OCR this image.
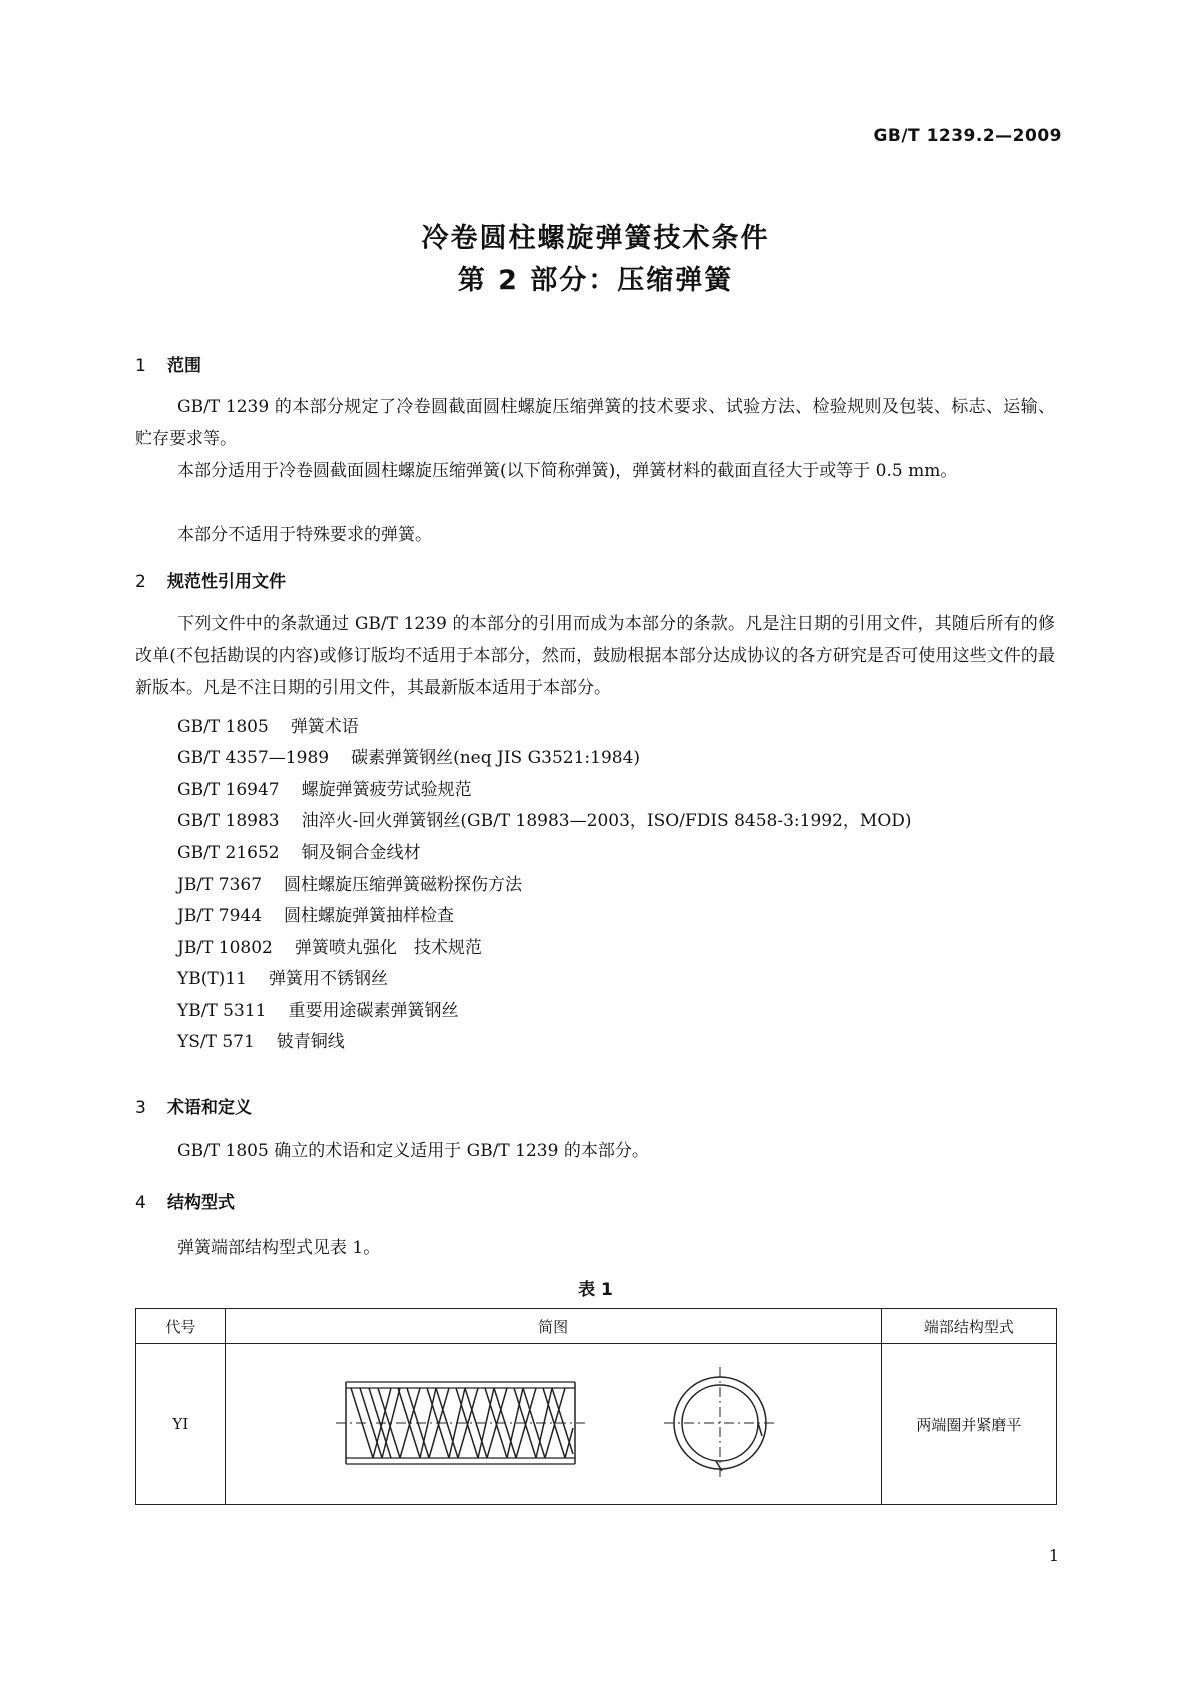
GB/T 1239.2—2009
冷卷圆柱螺旋弹簧技术条件
第 2 部分：压缩弹簧
1 范围

GB/T 1239 的本部分规定了冷卷圆截面圆柱螺旋压缩弹簧的技术要求、试验方法、检验规则及包装、标志、运输、贮存要求等。

本部分适用于冷卷圆截面圆柱螺旋压缩弹簧(以下简称弹簧)，弹簧材料的截面直径大于或等于 0.5 mm。

本部分不适用于特殊要求的弹簧。

2 规范性引用文件

下列文件中的条款通过 GB/T 1239 的本部分的引用而成为本部分的条款。凡是注日期的引用文件，其随后所有的修改单(不包括勘误的内容)或修订版均不适用于本部分，然而，鼓励根据本部分达成协议的各方研究是否可使用这些文件的最新版本。凡是不注日期的引用文件，其最新版本适用于本部分。

GB/T 1805 弹簧术语
GB/T 4357—1989 碳素弹簧钢丝(neq JIS G3521:1984)
GB/T 16947 螺旋弹簧疲劳试验规范
GB/T 18983 油淬火-回火弹簧钢丝(GB/T 18983—2003，ISO/FDIS 8458-3:1992，MOD)
GB/T 21652 铜及铜合金线材
JB/T 7367 圆柱螺旋压缩弹簧磁粉探伤方法
JB/T 7944 圆柱螺旋弹簧抽样检查
JB/T 10802 弹簧喷丸强化　技术规范
YB(T)11 弹簧用不锈钢丝
YB/T 5311 重要用途碳素弹簧钢丝
YS/T 571 铍青铜线
3 术语和定义

GB/T 1805 确立的术语和定义适用于 GB/T 1239 的本部分。

4 结构型式

弹簧端部结构型式见表 1。

表 1
代号	简图	端部结构型式
YⅠ		两端圈并紧磨平
1
